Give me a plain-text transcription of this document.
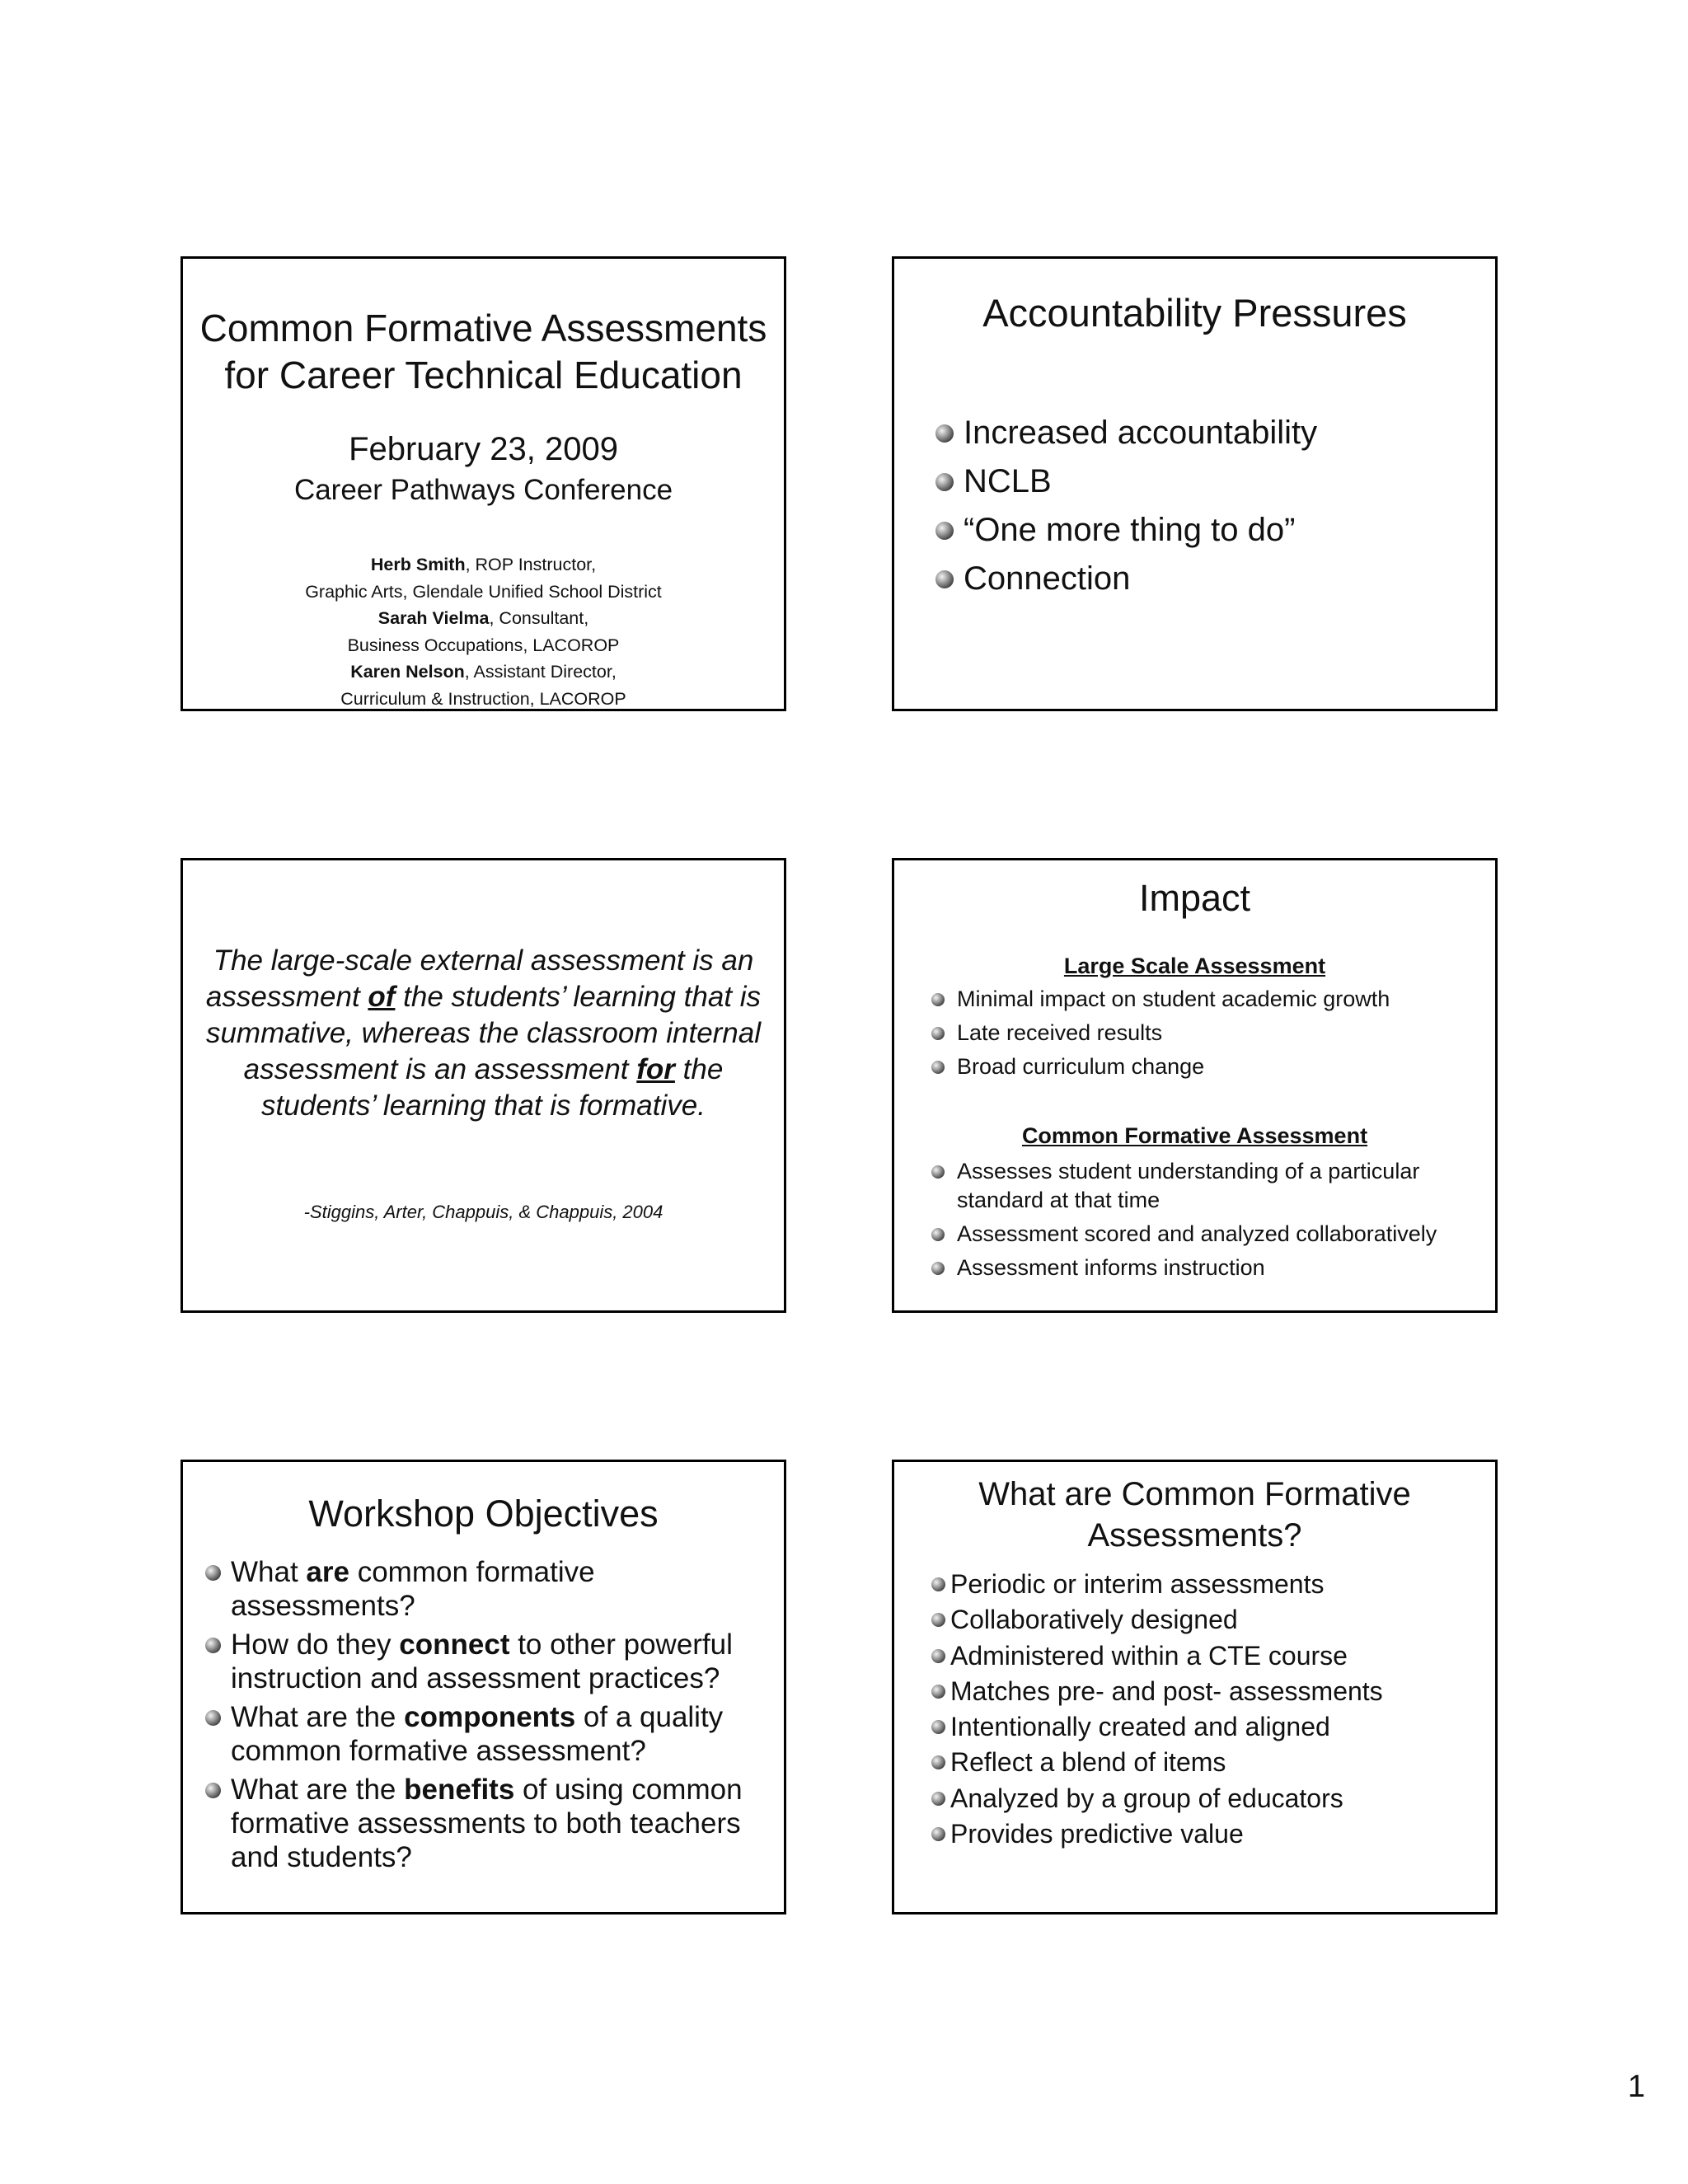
Common Formative Assessments
for Career Technical Education
February 23, 2009
Career Pathways Conference
Herb Smith, ROP Instructor,
Graphic Arts, Glendale Unified School District
Sarah Vielma, Consultant,
Business Occupations, LACOROP
Karen Nelson, Assistant Director,
Curriculum & Instruction, LACOROP
Accountability Pressures
Increased accountability
NCLB
“One more thing to do”
Connection
The large-scale external assessment is an assessment of the students’ learning that is summative, whereas the classroom internal assessment is an assessment for the students’ learning that is formative.
-Stiggins, Arter, Chappuis, & Chappuis, 2004
Impact
Large Scale Assessment
Minimal impact on student academic growth
Late received results
Broad curriculum change
Common Formative Assessment
Assesses student understanding of a particular standard at that time
Assessment scored and analyzed collaboratively
Assessment informs instruction
Workshop Objectives
What are common formative assessments?
How do they connect to other powerful instruction and assessment practices?
What are the components of a quality common formative assessment?
What are the benefits of using common formative assessments to both teachers and students?
What are Common Formative
Assessments?
Periodic or interim assessments
Collaboratively designed
Administered within a CTE course
Matches pre- and post- assessments
Intentionally created and aligned
Reflect a blend of items
Analyzed by a group of educators
Provides predictive value
1
